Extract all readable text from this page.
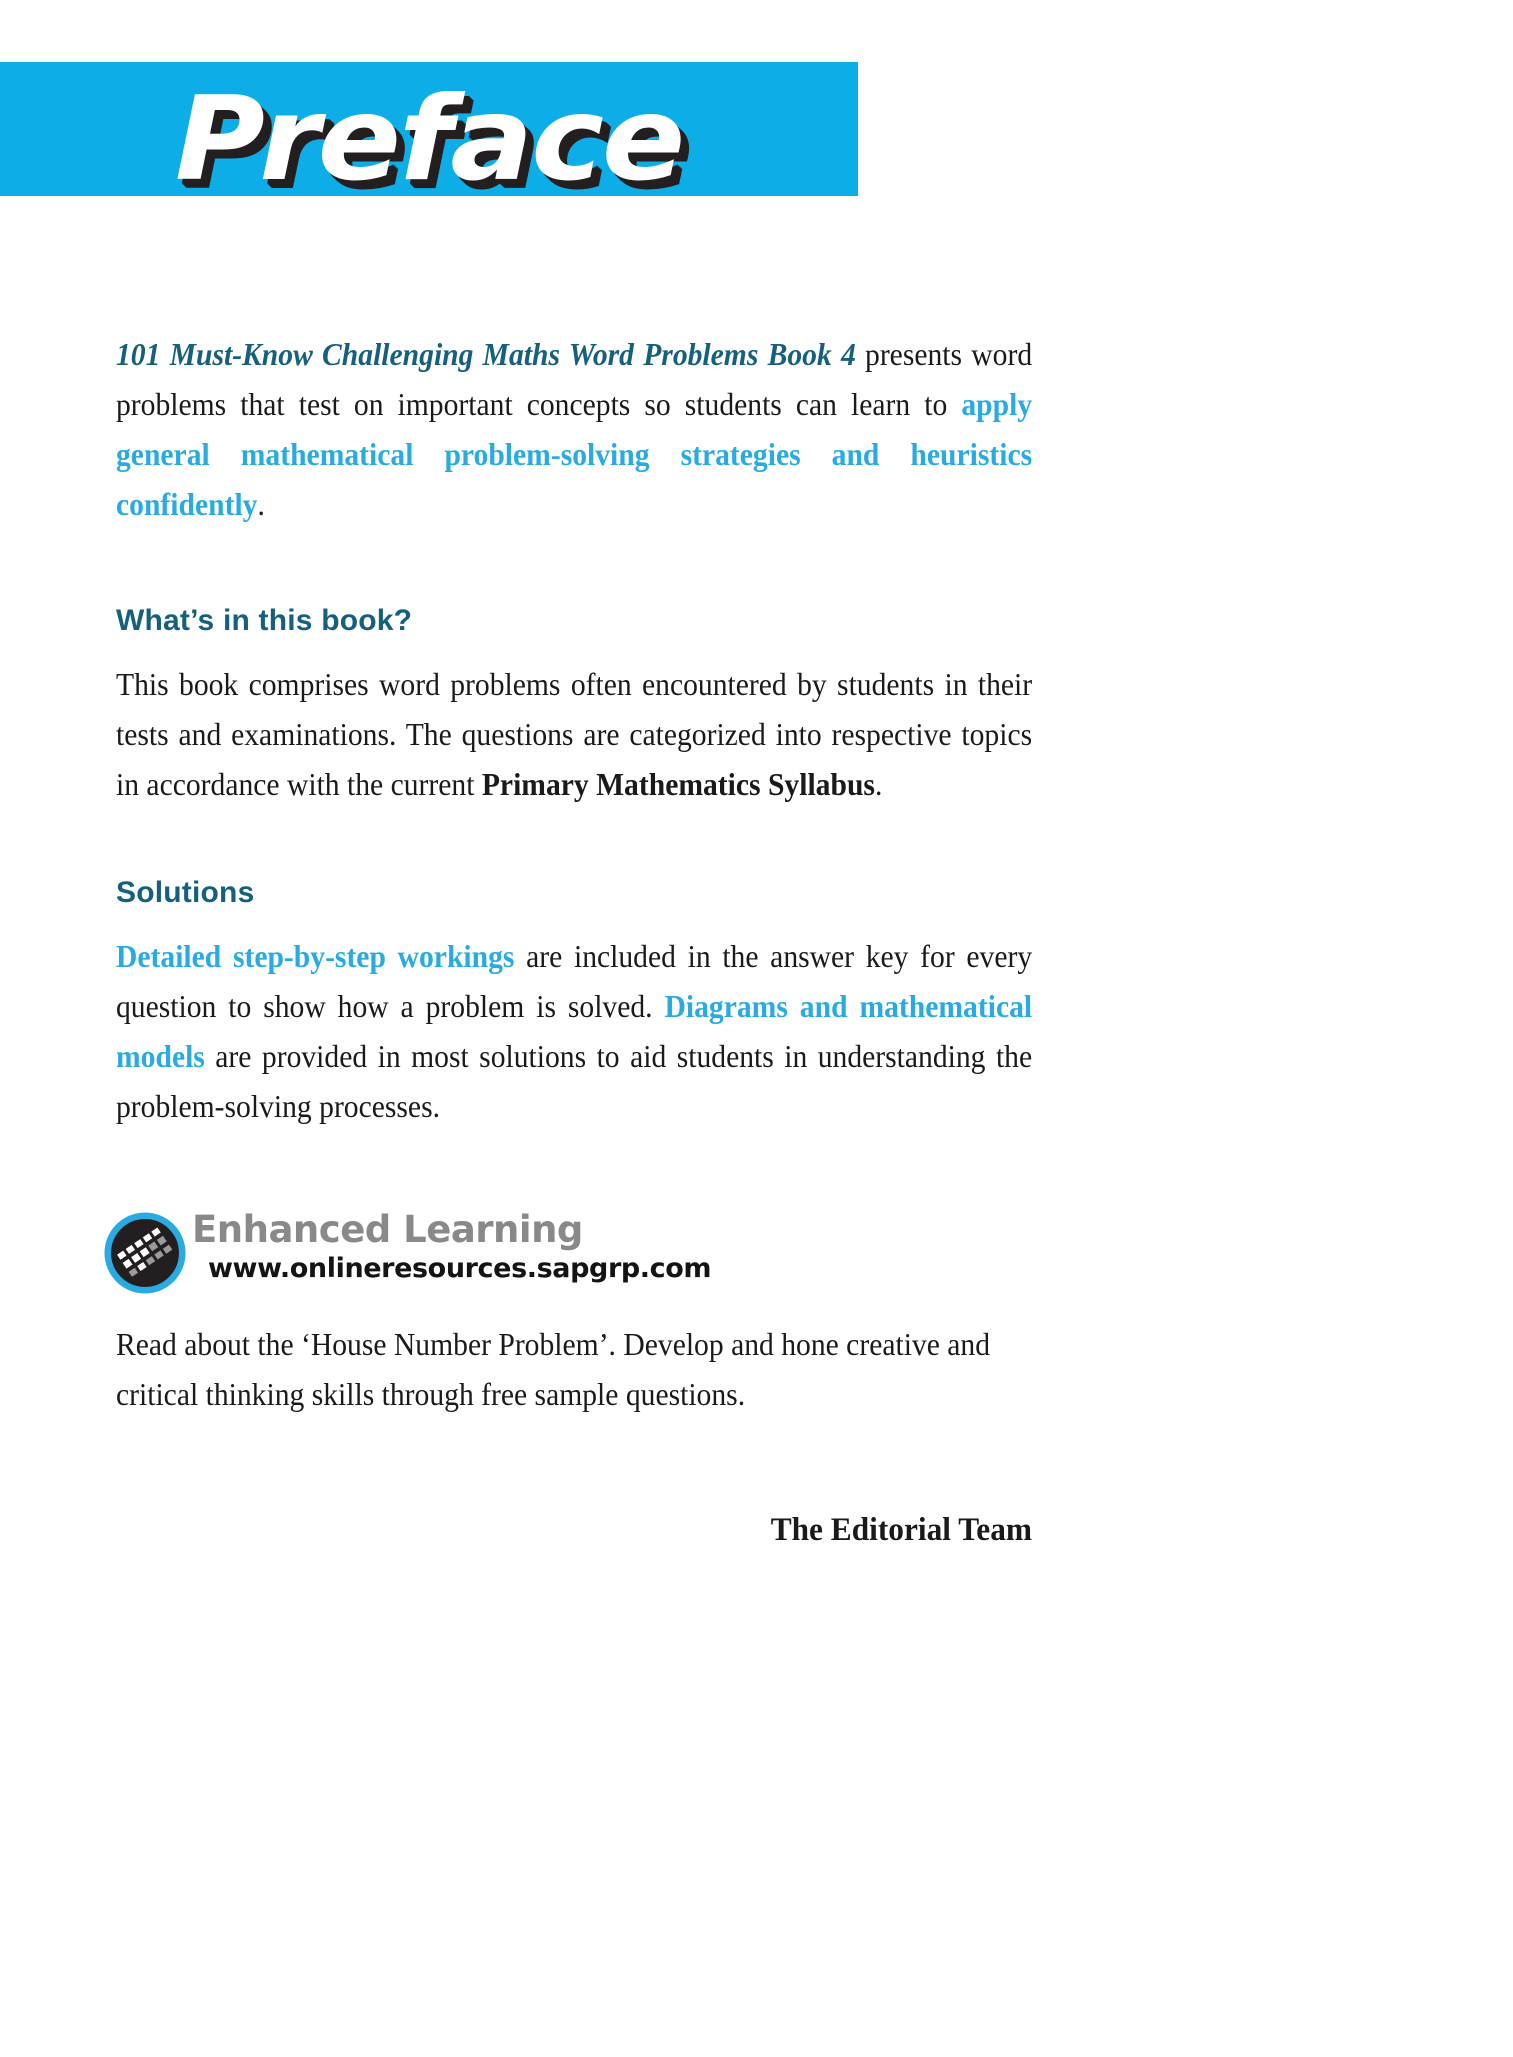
Preface

101 Must-Know Challenging Maths Word Problems Book 4 presents word problems that test on important concepts so students can learn to apply general mathematical problem-solving strategies and heuristics confidently.

What’s in this book?

This book comprises word problems often encountered by students in their tests and examinations. The questions are categorized into respective topics in accordance with the current Primary Mathematics Syllabus.

Solutions

Detailed step-by-step workings are included in the answer key for every question to show how a problem is solved. Diagrams and mathematical models are provided in most solutions to aid students in understanding the problem-solving processes.

Enhanced Learning
www.onlineresources.sapgrp.com

Read about the ‘House Number Problem’. Develop and hone creative and critical thinking skills through free sample questions.

The Editorial Team
